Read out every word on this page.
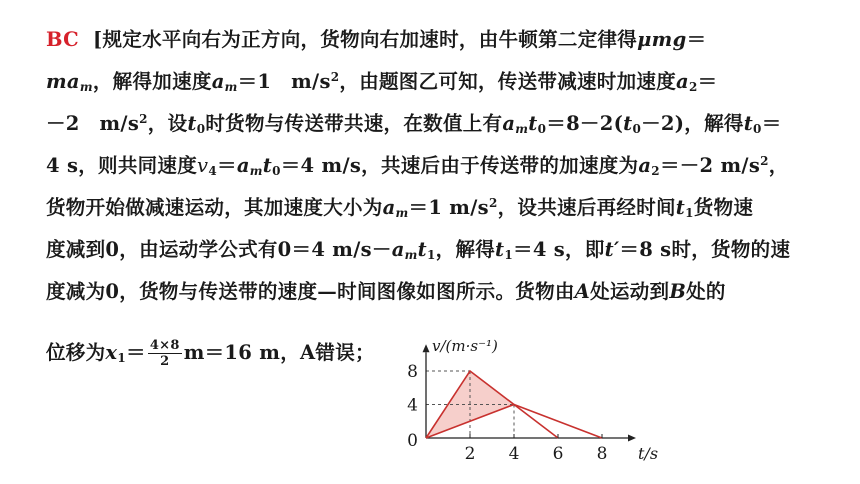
BC [规定水平向右为正方向，货物向右加速时，由牛顿第二定律得μmg＝
$ma_m$，解得加速度$a_m=1$　$m/s^2$，由题图乙可知，传送带减速时加速度$a_2=$
－2　$m/s^2$，设$t_0$时货物与传送带共速，在数值上有$a_mt_0=8-2(t_0-2)$，解得$t_0=$
4 s，则共同速度$v_4=a_mt_0=4$ m/s，共速后由于传送带的加速度为$a_2=-2$ $m/s^2$，
货物开始做减速运动，其加速度大小为$a_m=1$ $m/s^2$，设共速后再经时间$t_1$货物速
度减到0，由运动学公式有0＝4 $m/s-a_mt_1$，解得$t_1=4$ s，即t′＝8 s时，货物的速
度减为0，货物与传送带的速度—时间图像如图所示。货物由A处运动到B处的
位移为$x_1= \frac{4\times 8}{2} m=16$ m，A错误；
2 4 6 8
4
8
0
v/(m·s⁻¹)
t/s
